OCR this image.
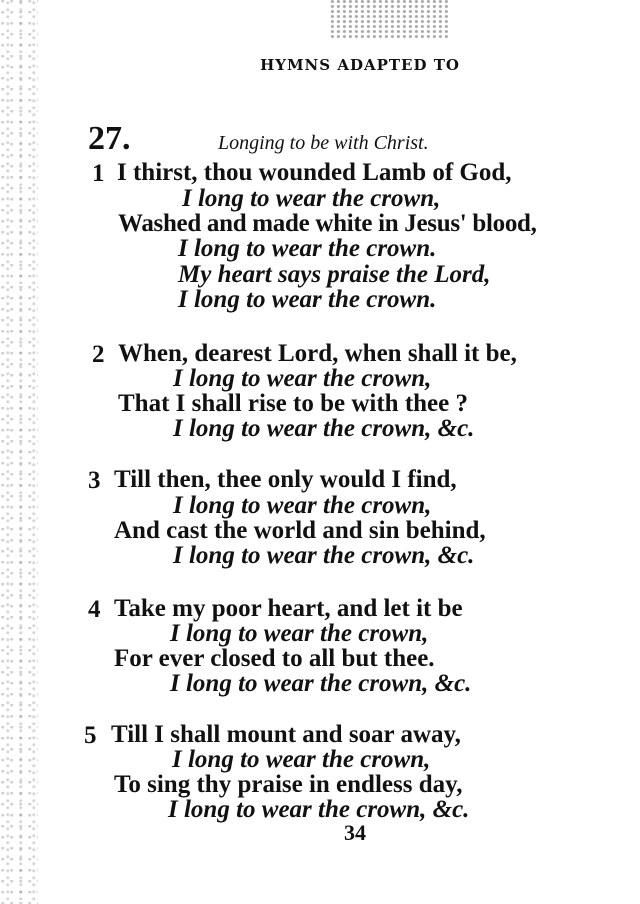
HYMNS ADAPTED TO
27.	Longing to be with Christ.
1 I thirst, thou wounded Lamb of God,
I long to wear the crown,
Washed and made white in Jesus' blood,
I long to wear the crown.
My heart says praise the Lord,
I long to wear the crown.
2 When, dearest Lord, when shall it be,
I long to wear the crown,
That I shall rise to be with thee ?
I long to wear the crown, &c.
3 Till then, thee only would I find,
I long to wear the crown,
And cast the world and sin behind,
I long to wear the crown, &c.
4 Take my poor heart, and let it be
I long to wear the crown,
For ever closed to all but thee.
I long to wear the crown, &c.
5 Till I shall mount and soar away,
I long to wear the crown,
To sing thy praise in endless day,
I long to wear the crown, &c.
34
